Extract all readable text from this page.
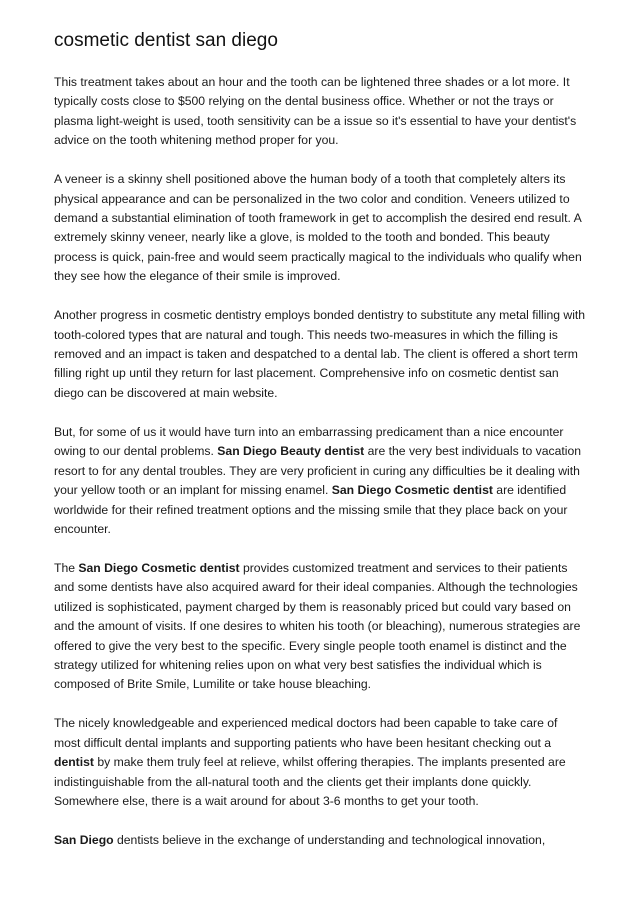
cosmetic dentist san diego

This treatment takes about an hour and the tooth can be lightened three shades or a lot more. It typically costs close to $500 relying on the dental business office. Whether or not the trays or plasma light-weight is used, tooth sensitivity can be a issue so it's essential to have your dentist's advice on the tooth whitening method proper for you.

A veneer is a skinny shell positioned above the human body of a tooth that completely alters its physical appearance and can be personalized in the two color and condition. Veneers utilized to demand a substantial elimination of tooth framework in get to accomplish the desired end result. A extremely skinny veneer, nearly like a glove, is molded to the tooth and bonded. This beauty process is quick, pain-free and would seem practically magical to the individuals who qualify when they see how the elegance of their smile is improved.

Another progress in cosmetic dentistry employs bonded dentistry to substitute any metal filling with tooth-colored types that are natural and tough. This needs two-measures in which the filling is removed and an impact is taken and despatched to a dental lab. The client is offered a short term filling right up until they return for last placement. Comprehensive info on cosmetic dentist san diego can be discovered at main website.

But, for some of us it would have turn into an embarrassing predicament than a nice encounter owing to our dental problems. San Diego Beauty dentist are the very best individuals to vacation resort to for any dental troubles. They are very proficient in curing any difficulties be it dealing with your yellow tooth or an implant for missing enamel. San Diego Cosmetic dentist are identified worldwide for their refined treatment options and the missing smile that they place back on your encounter.

The San Diego Cosmetic dentist provides customized treatment and services to their patients and some dentists have also acquired award for their ideal companies. Although the technologies utilized is sophisticated, payment charged by them is reasonably priced but could vary based on and the amount of visits. If one desires to whiten his tooth (or bleaching), numerous strategies are offered to give the very best to the specific. Every single people tooth enamel is distinct and the strategy utilized for whitening relies upon on what very best satisfies the individual which is composed of Brite Smile, Lumilite or take house bleaching.

The nicely knowledgeable and experienced medical doctors had been capable to take care of most difficult dental implants and supporting patients who have been hesitant checking out a dentist by make them truly feel at relieve, whilst offering therapies. The implants presented are indistinguishable from the all-natural tooth and the clients get their implants done quickly. Somewhere else, there is a wait around for about 3-6 months to get your tooth.

San Diego dentists believe in the exchange of understanding and technological innovation,
